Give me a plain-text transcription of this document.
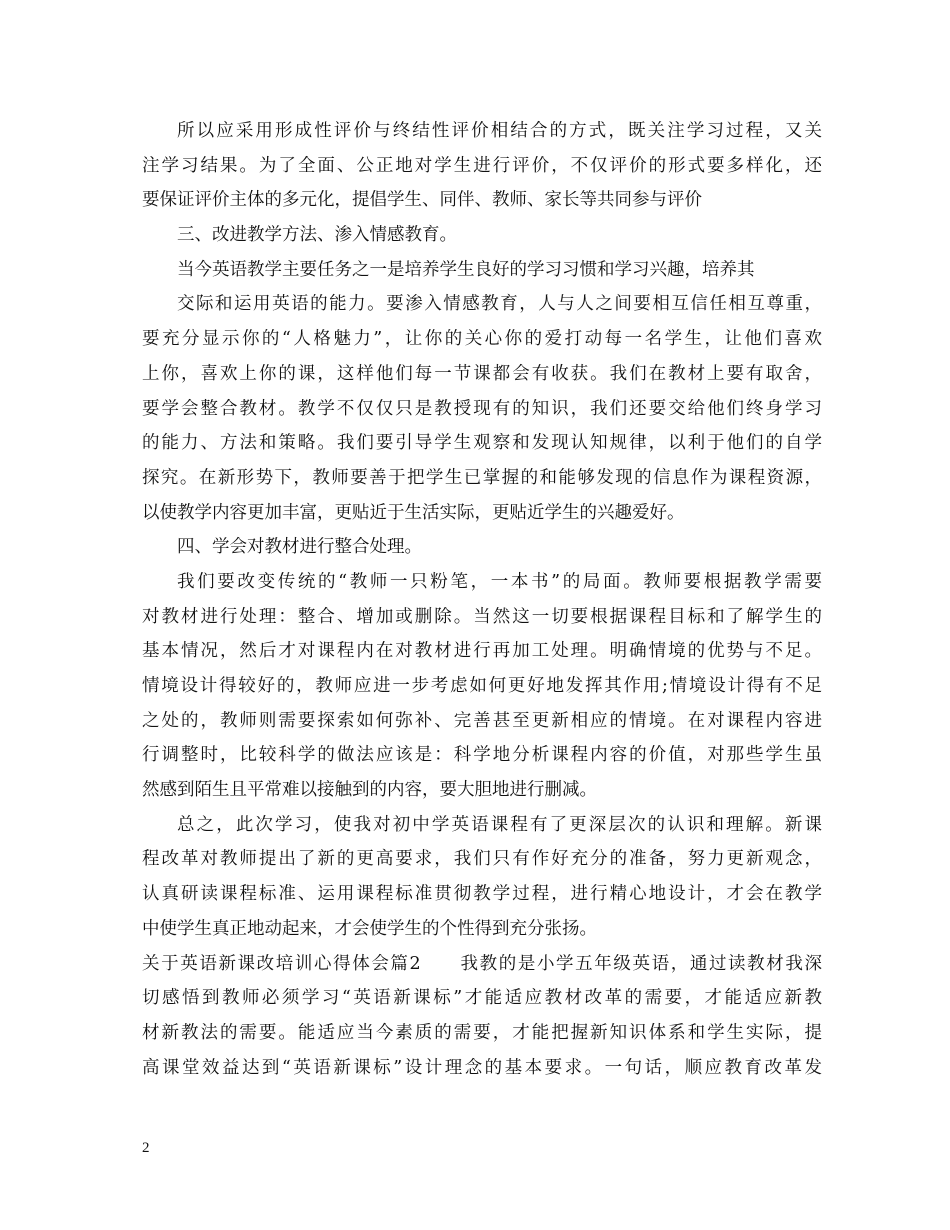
所以应采用形成性评价与终结性评价相结合的方式，既关注学习过程，又关
注学习结果。为了全面、公正地对学生进行评价，不仅评价的形式要多样化，还
要保证评价主体的多元化，提倡学生、同伴、教师、家长等共同参与评价
三、改进教学方法、渗入情感教育。
当今英语教学主要任务之一是培养学生良好的学习习惯和学习兴趣，培养其
交际和运用英语的能力。要渗入情感教育，人与人之间要相互信任相互尊重，
要充分显示你的“人格魅力”，让你的关心你的爱打动每一名学生，让他们喜欢
上你，喜欢上你的课，这样他们每一节课都会有收获。我们在教材上要有取舍，
要学会整合教材。教学不仅仅只是教授现有的知识，我们还要交给他们终身学习
的能力、方法和策略。我们要引导学生观察和发现认知规律，以利于他们的自学
探究。在新形势下，教师要善于把学生已掌握的和能够发现的信息作为课程资源，
以使教学内容更加丰富，更贴近于生活实际，更贴近学生的兴趣爱好。
四、学会对教材进行整合处理。
我们要改变传统的“教师一只粉笔，一本书”的局面。教师要根据教学需要
对教材进行处理：整合、增加或删除。当然这一切要根据课程目标和了解学生的
基本情况，然后才对课程内在对教材进行再加工处理。明确情境的优势与不足。
情境设计得较好的，教师应进一步考虑如何更好地发挥其作用;情境设计得有不足
之处的，教师则需要探索如何弥补、完善甚至更新相应的情境。在对课程内容进
行调整时，比较科学的做法应该是：科学地分析课程内容的价值，对那些学生虽
然感到陌生且平常难以接触到的内容，要大胆地进行删减。
总之，此次学习，使我对初中学英语课程有了更深层次的认识和理解。新课
程改革对教师提出了新的更高要求，我们只有作好充分的准备，努力更新观念，
认真研读课程标准、运用课程标准贯彻教学过程，进行精心地设计，才会在教学
中使学生真正地动起来，才会使学生的个性得到充分张扬。
关于英语新课改培训心得体会篇2　　我教的是小学五年级英语，通过读教材我深
切感悟到教师必须学习“英语新课标”才能适应教材改革的需要，才能适应新教
材新教法的需要。能适应当今素质的需要，才能把握新知识体系和学生实际，提
高课堂效益达到“英语新课标”设计理念的基本要求。一句话，顺应教育改革发
2
